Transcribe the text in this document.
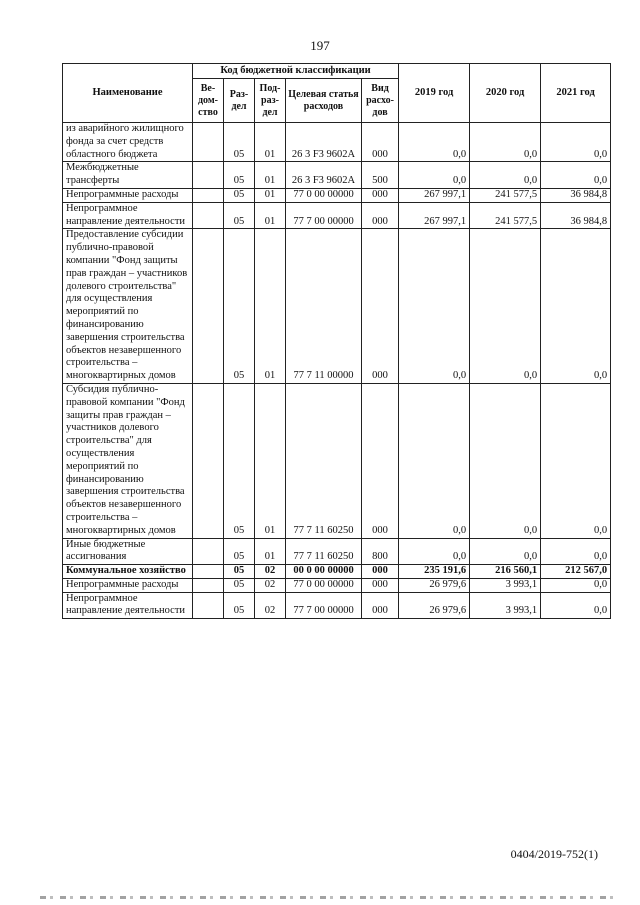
197
Наименование	Код бюджетной классификации					2019 год	2020 год	2021 год
	Ве-дом-ство	Раз-дел	Под-раз-дел	Целевая статья расходов	Вид расхо-дов			
из аварийного жилищного фонда за счет средств областного бюджета		05	01	26 3 F3 9602A	000	0,0	0,0	0,0
Межбюджетные трансферты		05	01	26 3 F3 9602A	500	0,0	0,0	0,0
Непрограммные расходы		05	01	77 0 00 00000	000	267 997,1	241 577,5	36 984,8
Непрограммное направление деятельности		05	01	77 7 00 00000	000	267 997,1	241 577,5	36 984,8
Предоставление субсидии публично-правовой компании "Фонд защиты прав граждан – участников долевого строительства" для осуществления мероприятий по финансированию завершения строительства объектов незавершенного строительства – многоквартирных домов		05	01	77 7 11 00000	000	0,0	0,0	0,0
Субсидия публично-правовой компании "Фонд защиты прав граждан – участников долевого строительства" для осуществления мероприятий по финансированию завершения строительства объектов незавершенного строительства – многоквартирных домов		05	01	77 7 11 60250	000	0,0	0,0	0,0
Иные бюджетные ассигнования		05	01	77 7 11 60250	800	0,0	0,0	0,0
Коммунальное хозяйство		05	02	00 0 00 00000	000	235 191,6	216 560,1	212 567,0
Непрограммные расходы		05	02	77 0 00 00000	000	26 979,6	3 993,1	0,0
Непрограммное направление деятельности		05	02	77 7 00 00000	000	26 979,6	3 993,1	0,0
0404/2019-752(1)
